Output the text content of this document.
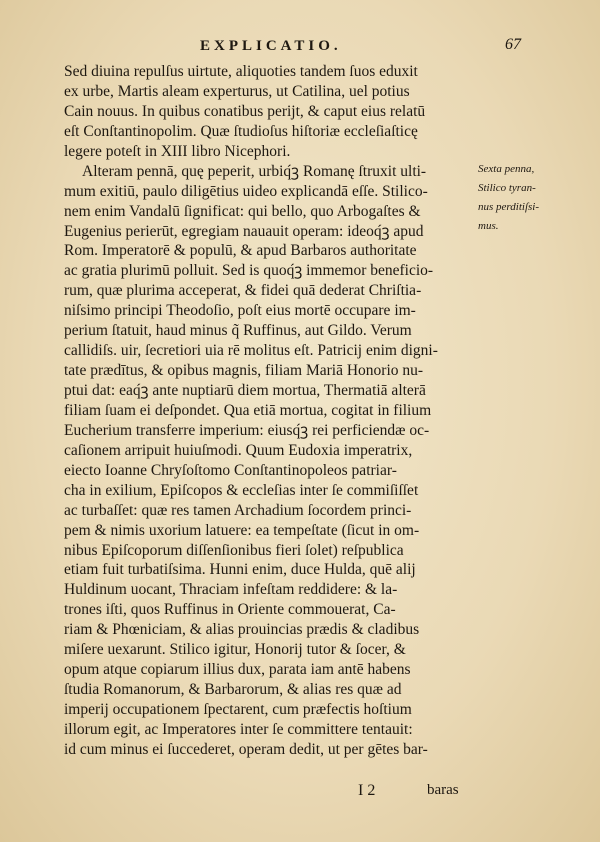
EXPLICATIO.	67
Sed diuina repulſus uirtute, aliquoties tandem ſuos eduxit
ex urbe, Martis aleam experturus, ut Catilina, uel potius
Cain nouus. In quibus conatibus perijt, & caput eius relatū
eſt Conſtantinopolim. Quæ ſtudioſus hiſtoriæ eccleſiaſticę
legere poteſt in XIII libro Nicephori.
Alteram pennā, quę peperit, urbiq́ꝫ Romanę ſtruxit ulti-
mum exitiū, paulo diligētius uideo explicandā eſſe. Stilico-
nem enim Vandalū ſignificat: qui bello, quo Arbogaſtes &
Eugenius perierūt, egregiam nauauit operam: ideoq́ꝫ apud
Rom. Imperatorē & populū, & apud Barbaros authoritate
ac gratia plurimū polluit. Sed is quoq́ꝫ immemor beneficio-
rum, quæ plurima acceperat, & fidei quā dederat Chriſtia-
niſsimo principi Theodoſio, poſt eius mortē occupare im-
perium ſtatuit, haud minus q̃ Ruffinus, aut Gildo. Verum
callidiſs. uir, ſecretiori uia rē molitus eſt. Patricij enim digni-
tate prædītus, & opibus magnis, filiam Mariā Honorio nu-
ptui dat: eaq́ꝫ ante nuptiarū diem mortua, Thermatiā alterā
filiam ſuam ei deſpondet. Qua etiā mortua, cogitat in filium
Eucherium transferre imperium: eiusq́ꝫ rei perficiendæ oc-
caſionem arripuit huiuſmodi. Quum Eudoxia imperatrix,
eiecto Ioanne Chryſoſtomo Conſtantinopoleos patriar-
cha in exilium, Epiſcopos & eccleſias inter ſe commiſiſſet
ac turbaſſet: quæ res tamen Archadium ſocordem princi-
pem & nimis uxorium latuere: ea tempeſtate (ſicut in om-
nibus Epiſcoporum diſſenſionibus fieri ſolet) reſpublica
etiam fuit turbatiſsima. Hunni enim, duce Hulda, quē alij
Huldinum uocant, Thraciam infeſtam reddidere: & la-
trones iſti, quos Ruffinus in Oriente commouerat, Ca-
riam & Phœniciam, & alias prouincias prædis & cladibus
miſere uexarunt. Stilico igitur, Honorij tutor & ſocer, &
opum atque copiarum illius dux, parata iam antē habens
ſtudia Romanorum, & Barbarorum, & alias res quæ ad
imperij occupationem ſpectarent, cum præfectis hoſtium
illorum egit, ac Imperatores inter ſe committere tentauit:
id cum minus ei ſuccederet, operam dedit, ut per gētes bar-
Sexta penna,
Stilico tyran-
nus perditiſsi-
mus.
I 2	baras
